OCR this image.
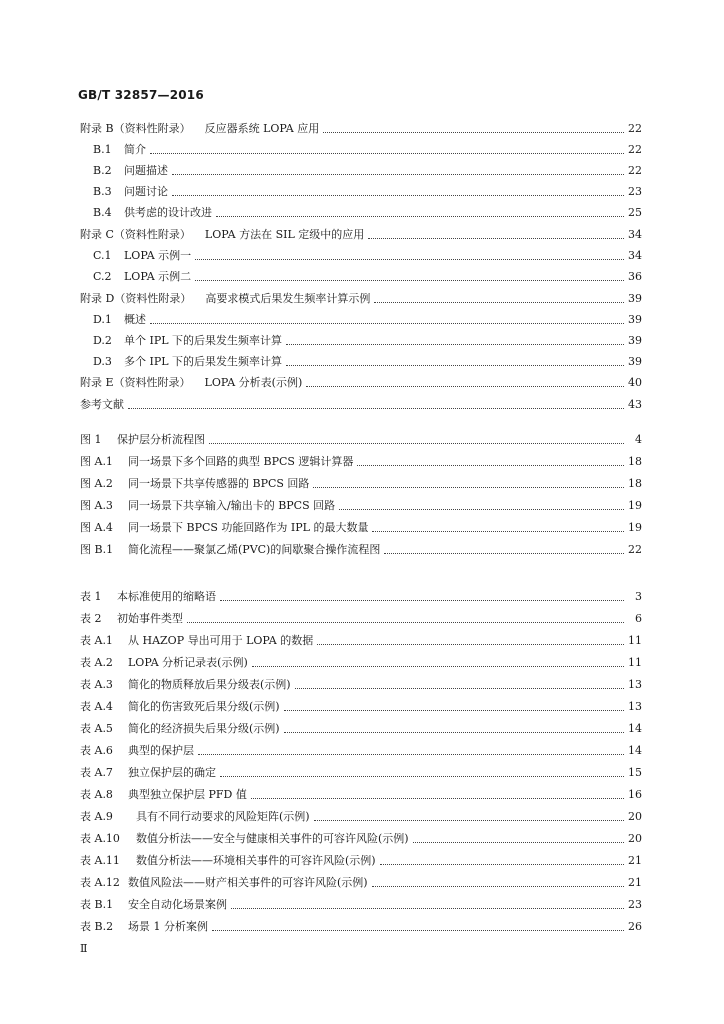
GB/T 32857—2016
附录 B（资料性附录） 反应器系统 LOPA 应用	22
B.1	简介	22
B.2	问题描述	22
B.3	问题讨论	23
B.4	供考虑的设计改进	25
附录 C（资料性附录） LOPA 方法在 SIL 定级中的应用	34
C.1	LOPA 示例一	34
C.2	LOPA 示例二	36
附录 D（资料性附录） 高要求模式后果发生频率计算示例	39
D.1	概述	39
D.2	单个 IPL 下的后果发生频率计算	39
D.3	多个 IPL 下的后果发生频率计算	39
附录 E（资料性附录） LOPA 分析表(示例)	40
参考文献	43
图 1	保护层分析流程图	4
图 A.1	同一场景下多个回路的典型 BPCS 逻辑计算器	18
图 A.2	同一场景下共享传感器的 BPCS 回路	18
图 A.3	同一场景下共享输入/输出卡的 BPCS 回路	19
图 A.4	同一场景下 BPCS 功能回路作为 IPL 的最大数量	19
图 B.1	简化流程——聚氯乙烯(PVC)的间歇聚合操作流程图	22
表 1	本标准使用的缩略语	3
表 2	初始事件类型	6
表 A.1	从 HAZOP 导出可用于 LOPA 的数据	11
表 A.2	LOPA 分析记录表(示例)	11
表 A.3	简化的物质释放后果分级表(示例)	13
表 A.4	简化的伤害致死后果分级(示例)	13
表 A.5	简化的经济损失后果分级(示例)	14
表 A.6	典型的保护层	14
表 A.7	独立保护层的确定	15
表 A.8	典型独立保护层 PFD 值	16
表 A.9	具有不同行动要求的风险矩阵(示例)	20
表 A.10	数值分析法——安全与健康相关事件的可容许风险(示例)	20
表 A.11	数值分析法——环境相关事件的可容许风险(示例)	21
表 A.12 数值风险法——财产相关事件的可容许风险(示例)	21
表 B.1	安全自动化场景案例	23
表 B.2	场景 1 分析案例	26
Ⅱ
